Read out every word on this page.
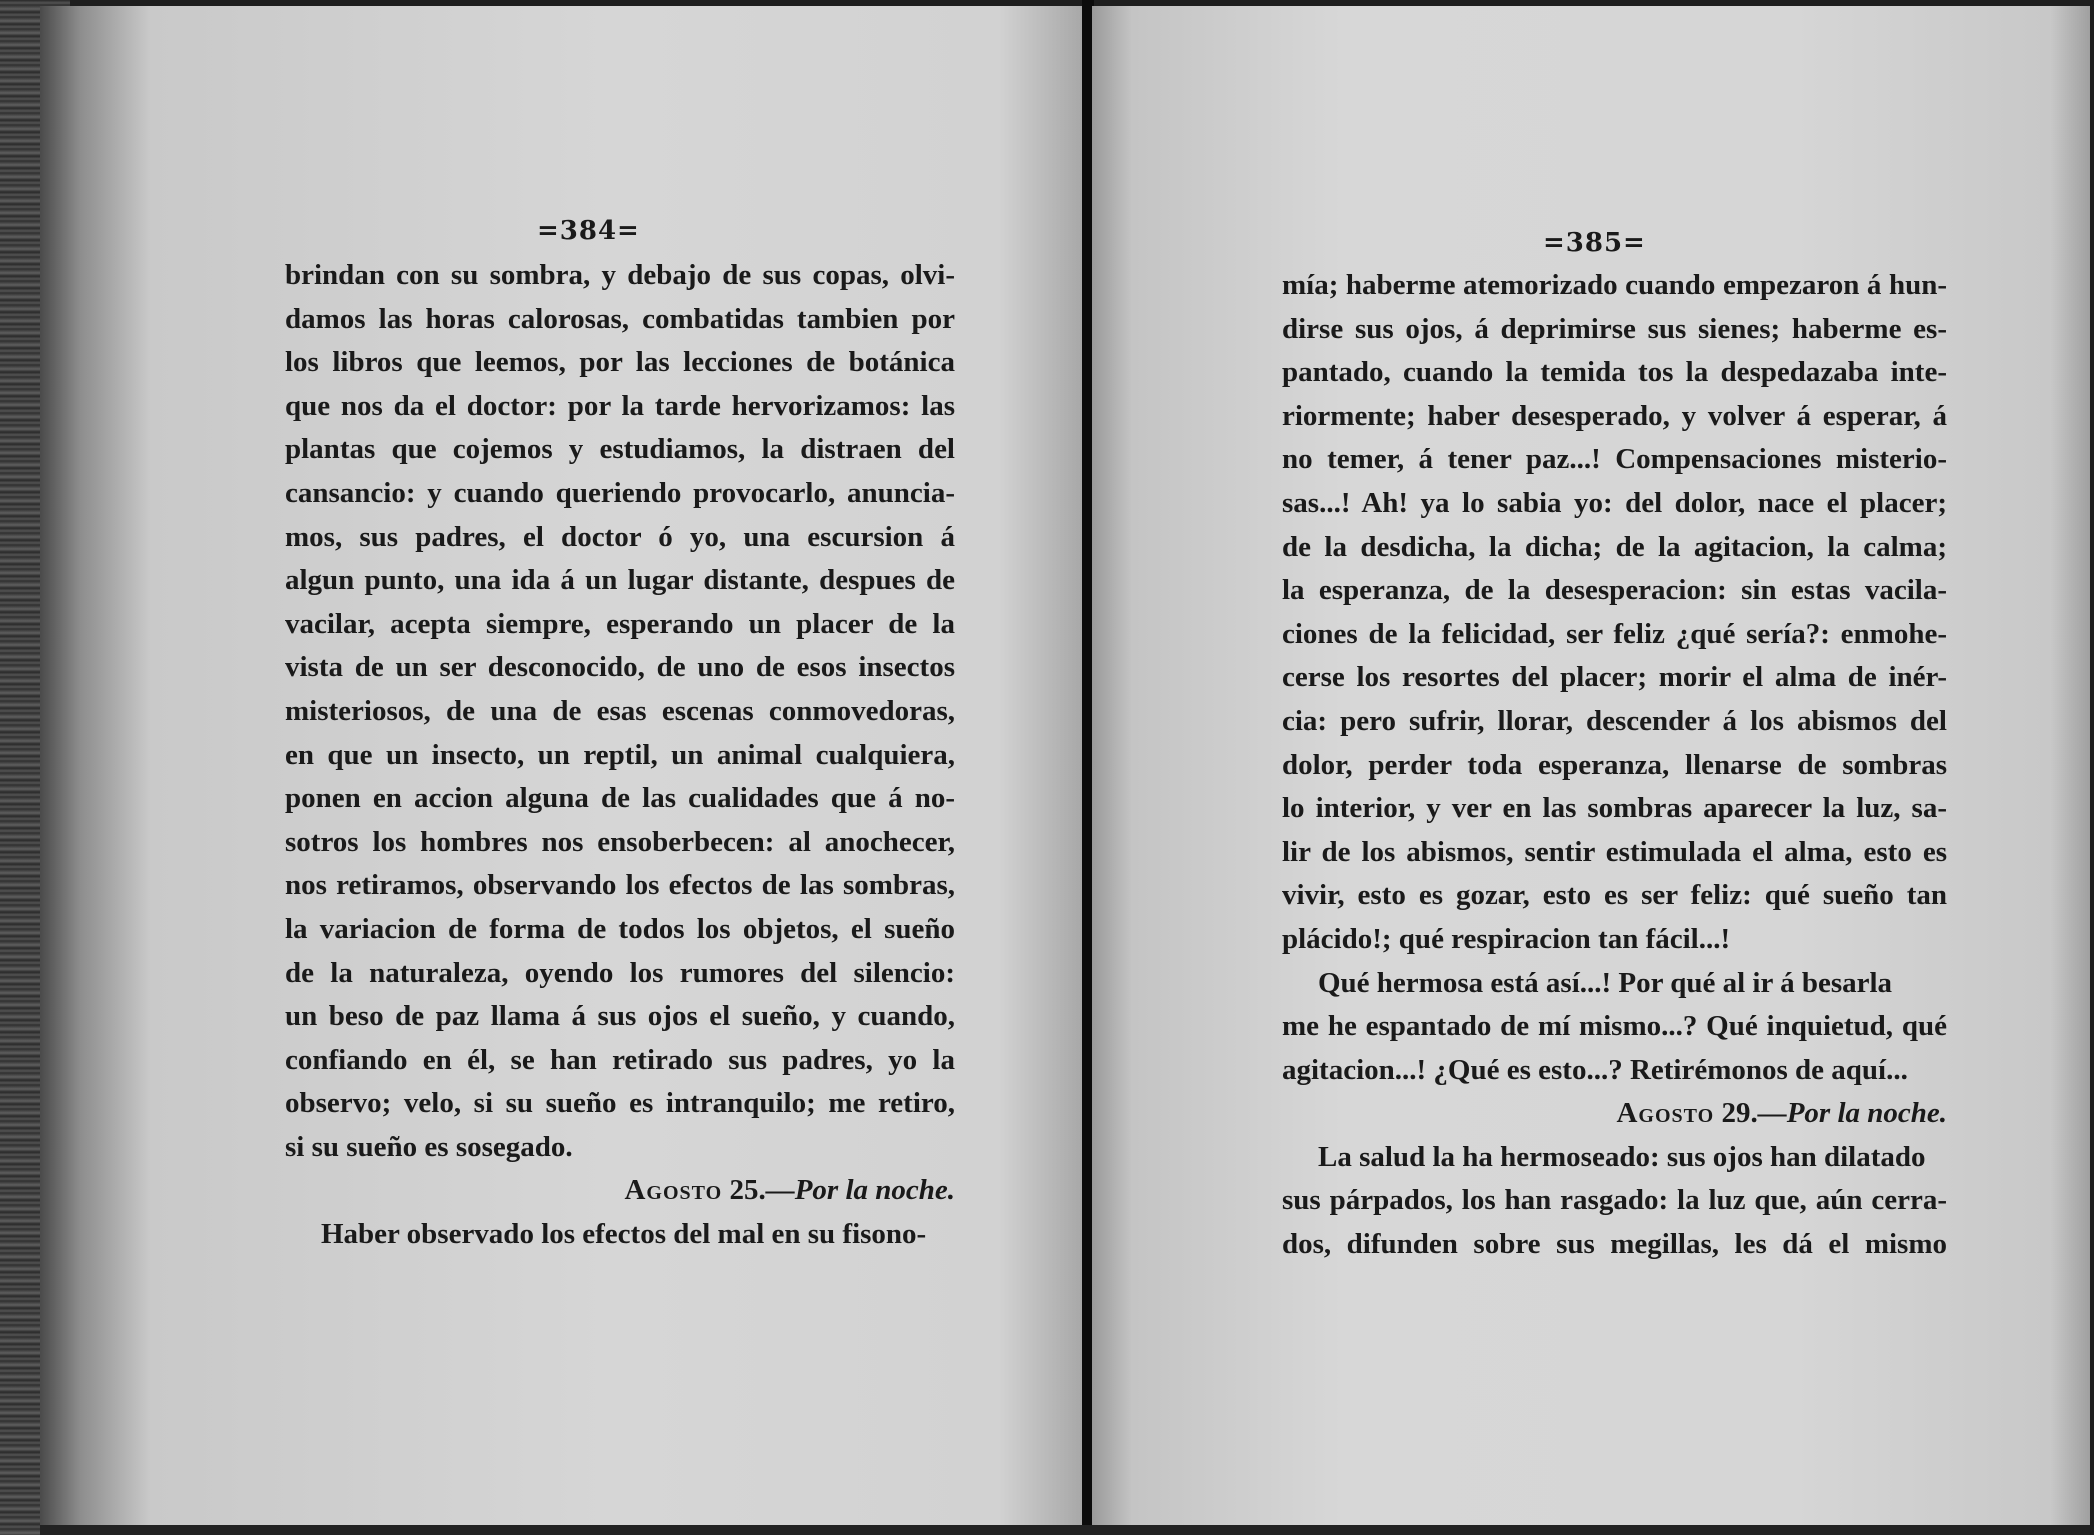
=384=
brindan con su sombra, y debajo de sus copas, olvi-
damos las horas calorosas, combatidas tambien por
los libros que leemos, por las lecciones de botánica
que nos da el doctor: por la tarde hervorizamos: las
plantas que cojemos y estudiamos, la distraen del
cansancio: y cuando queriendo provocarlo, anuncia-
mos, sus padres, el doctor ó yo, una escursion á
algun punto, una ida á un lugar distante, despues de
vacilar, acepta siempre, esperando un placer de la
vista de un ser desconocido, de uno de esos insectos
misteriosos, de una de esas escenas conmovedoras,
en que un insecto, un reptil, un animal cualquiera,
ponen en accion alguna de las cualidades que á no-
sotros los hombres nos ensoberbecen: al anochecer,
nos retiramos, observando los efectos de las sombras,
la variacion de forma de todos los objetos, el sueño
de la naturaleza, oyendo los rumores del silencio:
un beso de paz llama á sus ojos el sueño, y cuando,
confiando en él, se han retirado sus padres, yo la
observo; velo, si su sueño es intranquilo; me retiro,
si su sueño es sosegado.
Agosto 25.—Por la noche.
Haber observado los efectos del mal en su fisono-
=385=
mía; haberme atemorizado cuando empezaron á hun-
dirse sus ojos, á deprimirse sus sienes; haberme es-
pantado, cuando la temida tos la despedazaba inte-
riormente; haber desesperado, y volver á esperar, á
no temer, á tener paz...! Compensaciones misterio-
sas...! Ah! ya lo sabia yo: del dolor, nace el placer;
de la desdicha, la dicha; de la agitacion, la calma;
la esperanza, de la desesperacion: sin estas vacila-
ciones de la felicidad, ser feliz ¿qué sería?: enmohe-
cerse los resortes del placer; morir el alma de inér-
cia: pero sufrir, llorar, descender á los abismos del
dolor, perder toda esperanza, llenarse de sombras
lo interior, y ver en las sombras aparecer la luz, sa-
lir de los abismos, sentir estimulada el alma, esto es
vivir, esto es gozar, esto es ser feliz: qué sueño tan
plácido!; qué respiracion tan fácil...!
Qué hermosa está así...! Por qué al ir á besarla
me he espantado de mí mismo...? Qué inquietud, qué
agitacion...! ¿Qué es esto...? Retirémonos de aquí...
Agosto 29.—Por la noche.
La salud la ha hermoseado: sus ojos han dilatado
sus párpados, los han rasgado: la luz que, aún cerra-
dos, difunden sobre sus megillas, les dá el mismo
